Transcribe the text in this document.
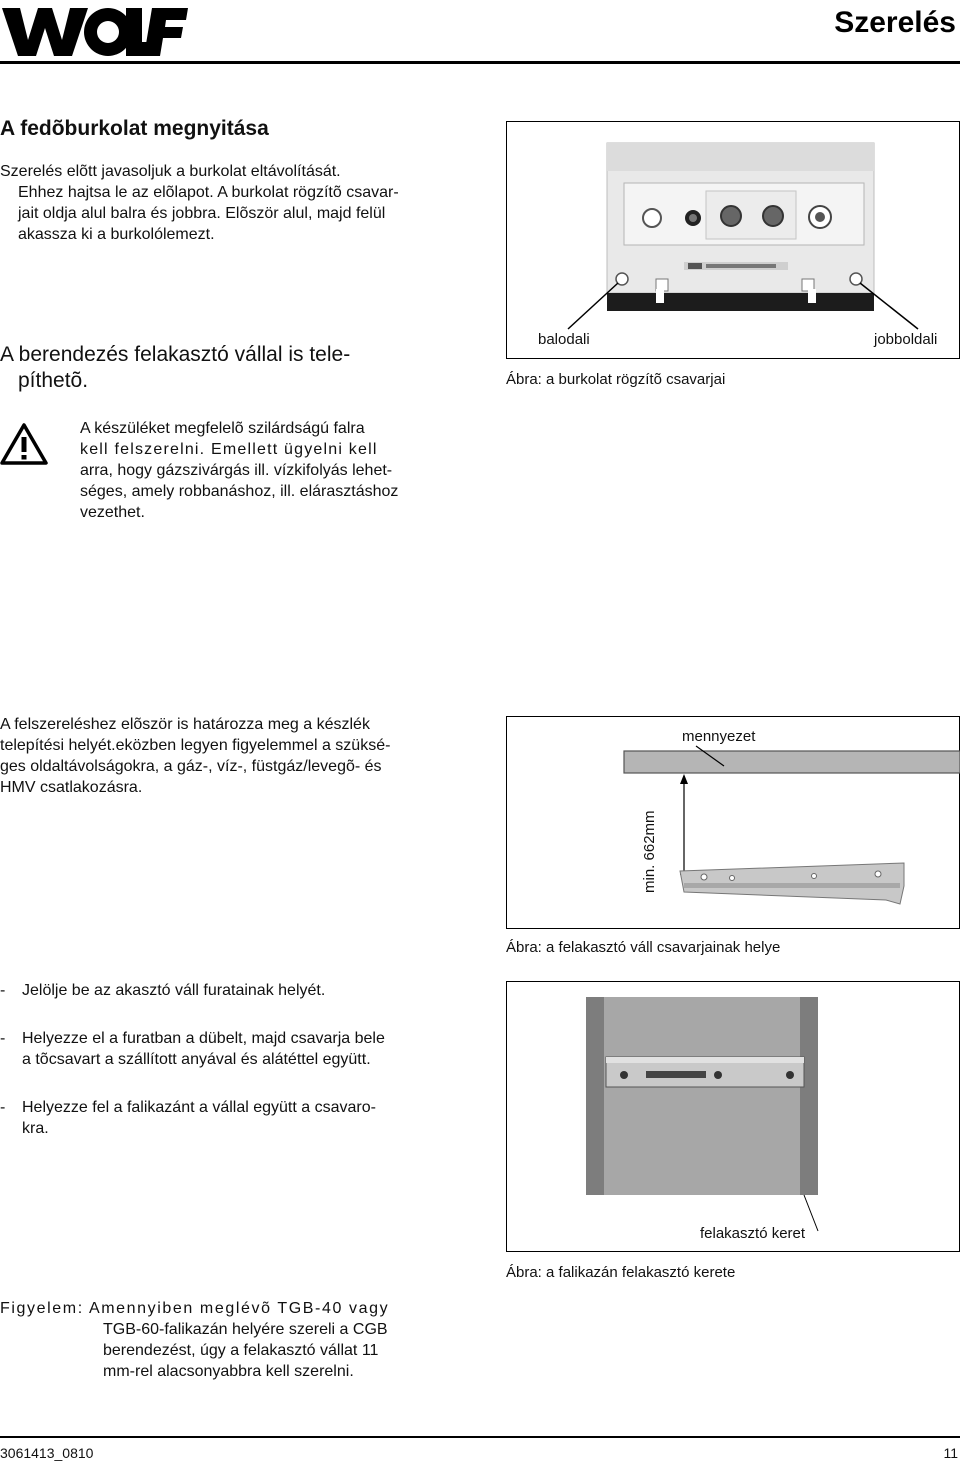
Szerelés
A fedõburkolat megnyitása
Szerelés elõtt javasoljuk a burkolat eltávolítását.
Ehhez hajtsa le az elõlapot. A burkolat rögzítõ csavar-
jait oldja alul balra és jobbra. Elõször alul, majd felül
akassza ki a burkolólemezt.
A berendezés felakasztó vállal is tele-
píthetõ.
A készüléket megfelelõ szilárdságú falra
kell felszerelni. Emellett ügyelni kell
arra, hogy gázszivárgás ill. vízkifolyás lehet-
séges, amely robbanáshoz, ill. elárasztáshoz
vezethet.
balodali	jobboldali
Ábra: a burkolat rögzítõ csavarjai
A felszereléshez elõször is határozza meg a készlék
telepítési helyét.eközben legyen figyelemmel a szüksé-
ges oldaltávolságokra, a gáz-, víz-, füstgáz/levegõ- és
HMV csatlakozásra.
mennyezet
min. 662mm
Ábra: a felakasztó váll csavarjainak helye
-	Jelölje be az akasztó váll furatainak helyét.
-	Helyezze el a furatban a dübelt, majd csavarja bele
a tõcsavart a szállított anyával és alátéttel együtt.
-	Helyezze fel a falikazánt a vállal együtt a csavaro-
kra.
felakasztó keret
Ábra: a falikazán felakasztó kerete
Figyelem: Amennyiben meglévõ TGB-40 vagy
TGB-60-falikazán helyére szereli a CGB
berendezést, úgy a felakasztó vállat 11
mm-rel alacsonyabbra kell szerelni.
3061413_0810	11
